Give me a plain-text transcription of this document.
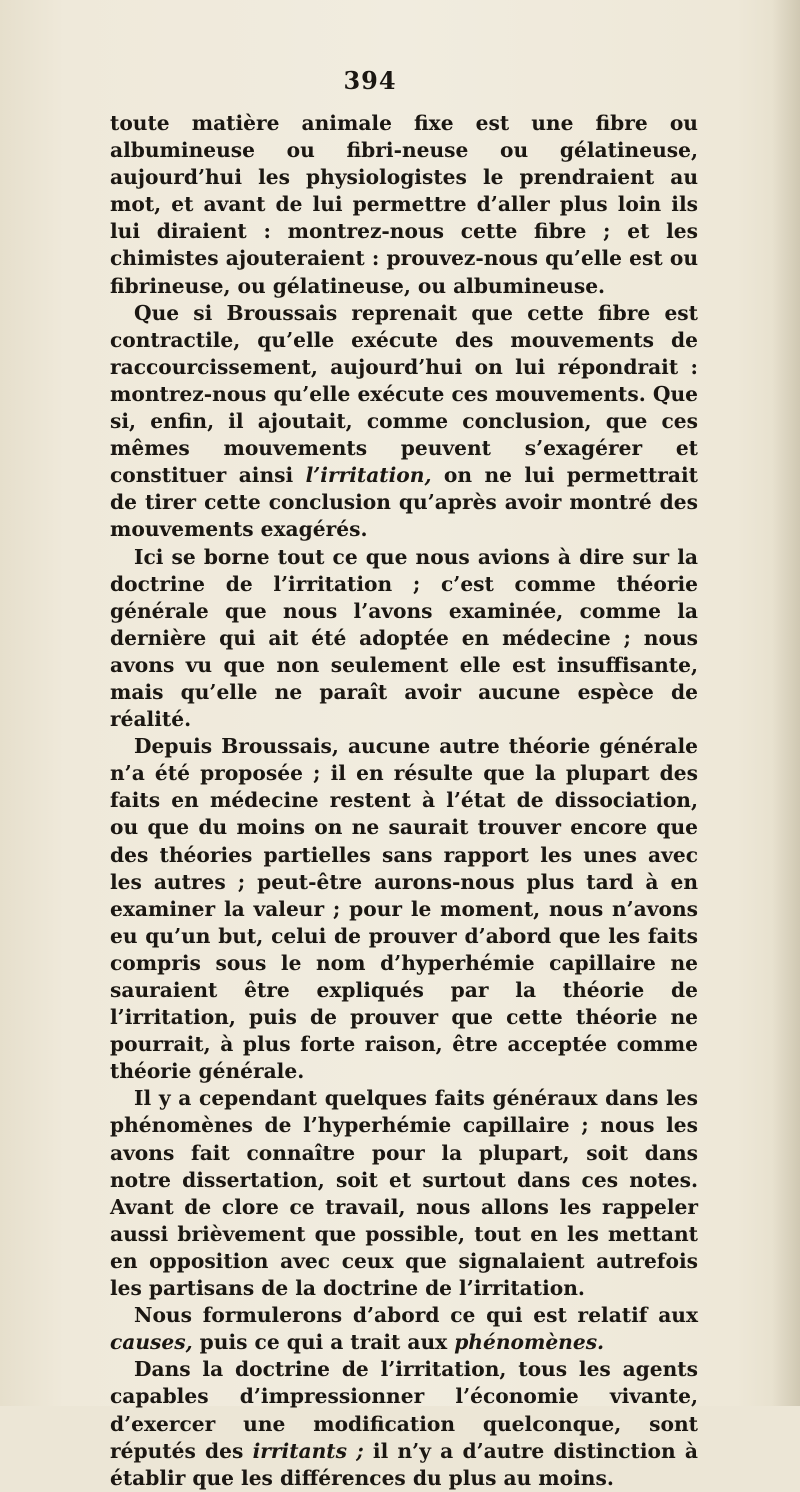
394

toute matière animale fixe est une fibre ou albumineuse ou fibri-neuse ou gélatineuse, aujourd’hui les physiologistes le prendraient au mot, et avant de lui permettre d’aller plus loin ils lui diraient : montrez-nous cette fibre ; et les chimistes ajouteraient : prouvez-nous qu’elle est ou fibrineuse, ou gélatineuse, ou albumineuse.

Que si Broussais reprenait que cette fibre est contractile, qu’elle exécute des mouvements de raccourcissement, aujourd’hui on lui répondrait : montrez-nous qu’elle exécute ces mouvements. Que si, enfin, il ajoutait, comme conclusion, que ces mêmes mouvements peuvent s’exagérer et constituer ainsi l’irritation, on ne lui permettrait de tirer cette conclusion qu’après avoir montré des mouvements exagérés.

Ici se borne tout ce que nous avions à dire sur la doctrine de l’irritation ; c’est comme théorie générale que nous l’avons examinée, comme la dernière qui ait été adoptée en médecine ; nous avons vu que non seulement elle est insuffisante, mais qu’elle ne paraît avoir aucune espèce de réalité.

Depuis Broussais, aucune autre théorie générale n’a été proposée ; il en résulte que la plupart des faits en médecine restent à l’état de dissociation, ou que du moins on ne saurait trouver encore que des théories partielles sans rapport les unes avec les autres ; peut-être aurons-nous plus tard à en examiner la valeur ; pour le moment, nous n’avons eu qu’un but, celui de prouver d’abord que les faits compris sous le nom d’hyperhémie capillaire ne sauraient être expliqués par la théorie de l’irritation, puis de prouver que cette théorie ne pourrait, à plus forte raison, être acceptée comme théorie générale.

Il y a cependant quelques faits généraux dans les phénomènes de l’hyperhémie capillaire ; nous les avons fait connaître pour la plupart, soit dans notre dissertation, soit et surtout dans ces notes. Avant de clore ce travail, nous allons les rappeler aussi brièvement que possible, tout en les mettant en opposition avec ceux que signalaient autrefois les partisans de la doctrine de l’irritation.

Nous formulerons d’abord ce qui est relatif aux causes, puis ce qui a trait aux phénomènes.

Dans la doctrine de l’irritation, tous les agents capables d’impressionner l’économie vivante, d’exercer une modification quelconque, sont réputés des irritants ; il n’y a d’autre distinction à établir que les différences du plus au moins.
